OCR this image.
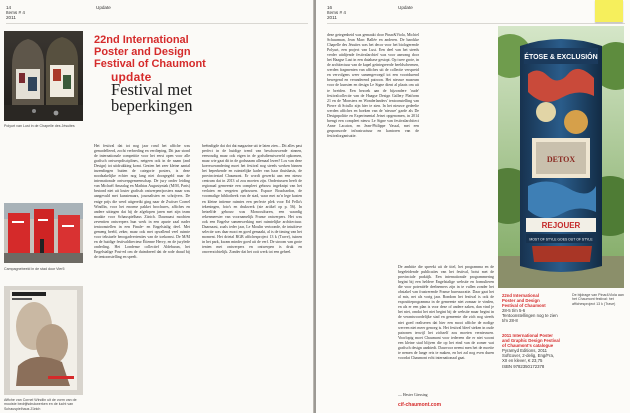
14
Items # 4
2011
Update
Polyurt van Lust in de Chapelle des Jésuites
Campagnebeeld in de stad door Vier5
Affiche van Cornel Windlin uit de vorm van de mooiste bedrijfsdrukwerken en de lucht van Schauspielhaus Zürich
22nd International
Poster and Design
Festival of Chaumont
update
Festival met
beperkingen

Het festival dat tot nog jaar rond het affiche was gemodelleerd, zocht verbreding en verdieping. Dit jaar stond de internationale competitie voor het eerst open voor alle grafisch ontwerpdisciplines, netgeen ook in de naam (and Design) tot uitdrukking komt. Gezien het zeer kleine aantal inzendingen buiten de categorie posters, is deze noodzakelijke echter nog lang niet doorgegeld naar de internationale ontwerpgemeenschap. De jury onder leiding van Michaël Amzalag en Mathias Augustyniak (M/M, Paris) bestond niet uit louter grafisch ontwerpen/posters maar was aangevuld met kunstenaars, journalisten en schrijvers. De enige prijs die werd uitgereikt ging naar de Zwitser Cornel Windlin, voor het enorme pakket brochures, affiches en andere uitingen dat hij de afgelopen jaren met zijn team maakte voor Schauspielhaus Zürich. Daarnaast mochten zeventien ontwerpers hun werk in een aparte zaal nader tentoonstellen in een Finale- en Engelstalig deel. Met gemeng beeld, zeker, maar ook met opvallend veel ruimte voor tekstuele beoogadvertenties van de toekomst. De M/M en de huidige festivaldirecteur Étienne Hervy, en de jurylede onderling. Het Londense collectief Aldebaran, het Engelstalige Post-ed om de duimbreed dat de rode draad bij de tentoonstelling en speelt.

beëindigde dat dot dat magazine uit te laten zien... Dit alles past perfect in de huidige trend van beschouwende zinnen, eenvoudig maar ook eigen in de godsdienstwereld opkomen, maar wie gaat dit in de godsnaam allemaal lezen? Los van deze koerswerandering moet het festival nog steeds werken binnen het beperkende en ruimtelijke kader van haar thuisbasis, de provinciestad Chaumont. Er wordt gewerkt aan een nieuw centrum dat in 2013 af zou moeten zijn. Ondertussen heeft de regionaal gemeente een compleet gebouw ingeknipt van het verlaten en vergeten gebouwen. Espace Bouchardon, de voormalige bibliotheek van de stad, waar met zo'n lege kasten en kleine intieme ruimtes een perfecte plek voor Ed Fella's tekeningen, foto's en drukwerk (zie artikel op p. 56). In hetzelfde gebouw was Monoculturen, een waardig rekenmeester van voornamelijk Franse ontwerpers. Het was ook een Engelse samenwerking met ruimtelijke architectuur. Daarnaast, zoals ieder jaar, Le Moulin vertoonde, de intuïtieve selectie was daar mooi en goed gemaakt, al is de timing van het moment. Het drietal RGB affichesproject 13 k (Trave), tuinen in het park, kwam minder goed uit de verf. De stroom van grote tenten met ontwerpers en ontwerpen is druk en onoverzichtelijk. Zonder dat het ooit werk tot een geheel.

16
Items # 4
2011
Update

deze getegenheid was gemaakt door Pinar&Viola, Michiel Schuurman, Jean Marc Ballée en anderen. De barokke Chapelle des Jésuites was het decor voor het biologerende Polyurt, een project van Lust. Een deel van het steeds verder uitdijende festivalarchief was voor aanvang door het Haagse Lust in een database gestopt. Op twee grote, in de architectuur van de kapel geïntegreerde beeldschermen, werden fragmenten van affiches uit de collectie verspreid en vervolgens weer samengevoegd tot een voortdurend bewegend en veranderend patroon. Het nieuwe museum voor de kunsten en design Le Signe dient al plaats om uit te breiden. Een bezoek aan de bijzondere 'oude' festivalcollectie van de Haagse Design Gallery Platform 21 en de 'Monsters en Wonderlanders' tentoonstelling van Pierre di Sciullo zijn hier te zien. In het nieuwe gedeelte werden affiches en boeken van de 'nieuwe' garde als De Designpolitie en Experimental Jetset opgenomen, in 2014 brengt een compleet nieuw Le Signe van festivalarchitect Anne Lacaton, en Jean-Philippe Vassal, met een gesponsorde infrastructuur en kantoren van de festivalorganisatie.

De ambitie die spreekt uit de titel, het programma en de begeleidende publicaties van het festival, botst met de provinciale praktijk. Een internationale programmering begint bij een heldere Engelstalige website en formulieren die voor potentiële deelnemers zijn in te vullen zonder het obstakel van frustrerende Franse bureaucratie. Daar gaat het al mis, net als vorig jaar. Rondom het festival is ook de expositieprogramma in de gemeente niet zomaar te vinden, en als er een plan is voor deze of andere zaken, dan vind je het niet, omdat het niet begint bij de website maar begint in de verantwoordelijke stad en gemeente die zich nog steeds niet goed realiseren dat hier een mooi affiche de nodige werven niet meer genoeg is. Het festival bleef steken in oude patronen terwijl het zichzelf zou moeten vernieuwen. Voorlopig moet Chaumont voor iedereen die er niet woont een kleine stad blijven die op het eind van de zomer wat grafisch design aanbiedt. Daarvoor neemt men het de moeite te nemen de lange reis te maken, en het zal nog even duren voordat Chaumont echt internationaal gaat.

— Hester Giessing
cif-chaumont.com
22nd International
Poster and Design
Festival of Chaumont
28-5 t/m 5-6
Tentoonstellingen nog te zien
t/m 28-8
2011 International Poster
and Graphic Design Festival
of Chaumont's catalogue
Pyramyd Editions, 2011
Softcover, 2-delig, Eng/Fra,
XII en klever, € 23,75
ISBN 9782350172378
De bijdrage van Pinar&Viola aan het Chaumont festival: het affichesproject 13 k (Trave)
ÉTOSE & EXCLUSIÓN
DETOX
REJOUER
MOST OF STYLE GOES OUT OF STYLE
